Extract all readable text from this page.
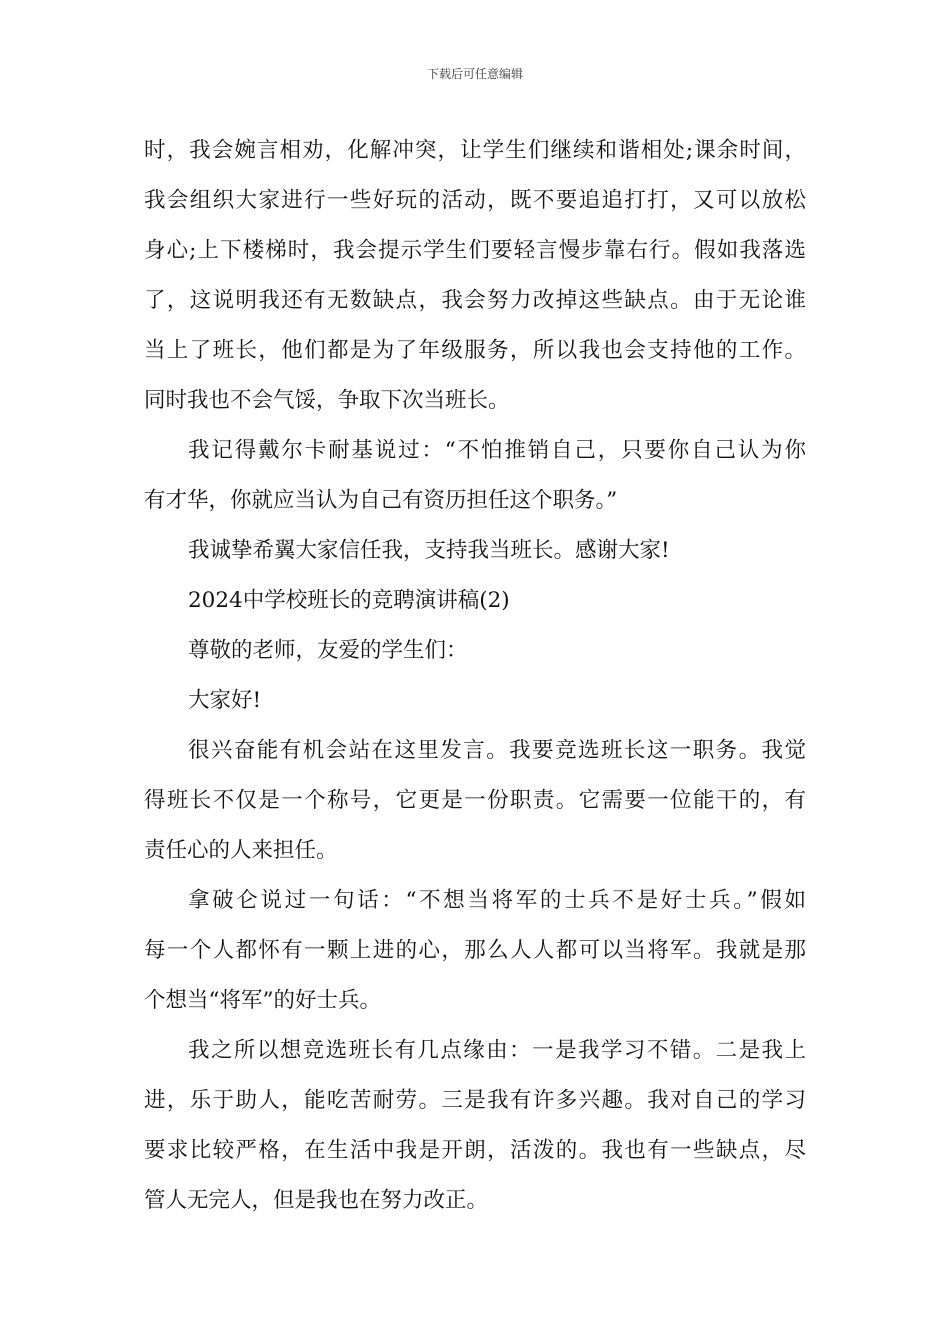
下载后可任意编辑
时，我会婉言相劝，化解冲突，让学生们继续和谐相处;课余时间，
我会组织大家进行一些好玩的活动，既不要追追打打，又可以放松
身心;上下楼梯时，我会提示学生们要轻言慢步靠右行。假如我落选
了，这说明我还有无数缺点，我会努力改掉这些缺点。由于无论谁
当上了班长，他们都是为了年级服务，所以我也会支持他的工作。
同时我也不会气馁，争取下次当班长。
我记得戴尔卡耐基说过：“不怕推销自己，只要你自己认为你
有才华，你就应当认为自己有资历担任这个职务。”
我诚挚希翼大家信任我，支持我当班长。感谢大家!
2024中学校班长的竞聘演讲稿(2)
尊敬的老师，友爱的学生们：
大家好!
很兴奋能有机会站在这里发言。我要竞选班长这一职务。我觉
得班长不仅是一个称号，它更是一份职责。它需要一位能干的，有
责任心的人来担任。
拿破仑说过一句话：“不想当将军的士兵不是好士兵。”假如
每一个人都怀有一颗上进的心，那么人人都可以当将军。我就是那
个想当“将军”的好士兵。
我之所以想竞选班长有几点缘由：一是我学习不错。二是我上
进，乐于助人，能吃苦耐劳。三是我有许多兴趣。我对自己的学习
要求比较严格，在生活中我是开朗，活泼的。我也有一些缺点，尽
管人无完人，但是我也在努力改正。
